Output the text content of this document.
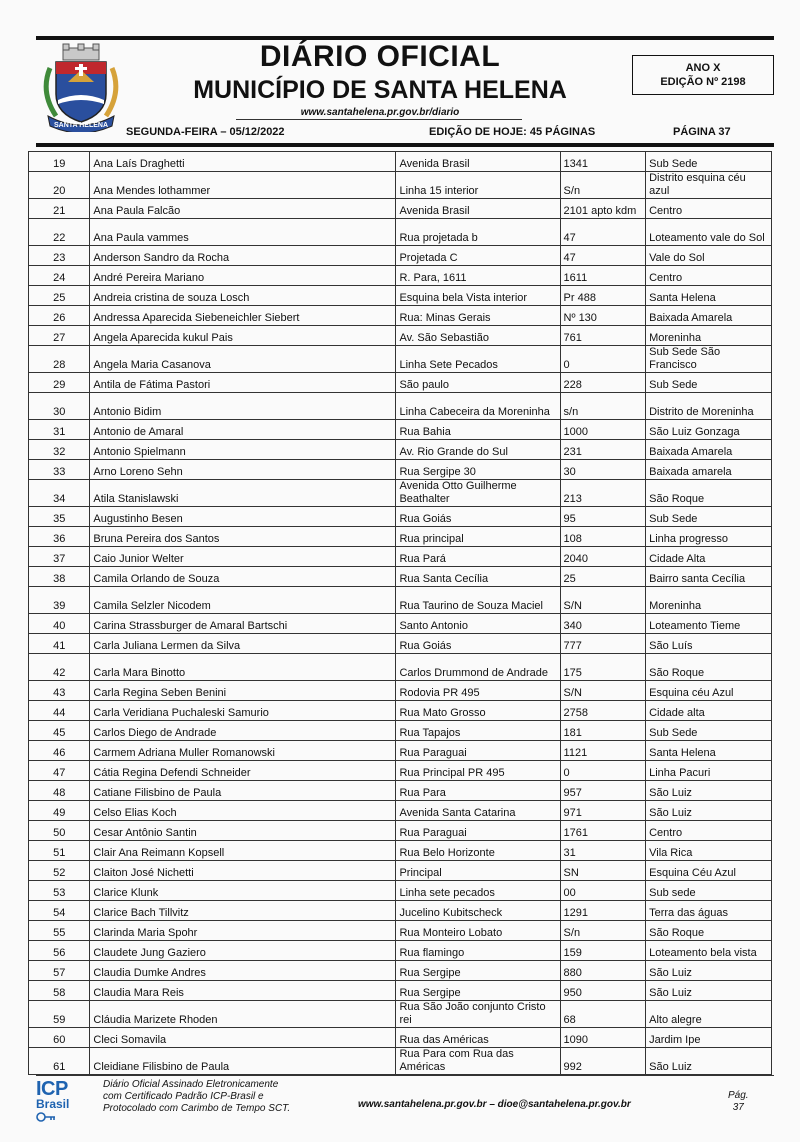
SANTA HELENA
DIÁRIO OFICIAL
MUNICÍPIO DE SANTA HELENA
www.santahelena.pr.gov.br/diario
ANO X
EDIÇÃO Nº 2198
SEGUNDA-FEIRA – 05/12/2022	EDIÇÃO DE HOJE: 45 PÁGINAS	PÁGINA 37
19	Ana Laís Draghetti	Avenida Brasil	1341	Sub Sede
20	Ana Mendes lothammer	Linha 15 interior	S/n	Distrito esquina céu azul
21	Ana Paula Falcão	Avenida Brasil	2101 apto kdm	Centro
22	Ana Paula vammes	Rua projetada b	47	Loteamento vale do Sol
23	Anderson Sandro da Rocha	Projetada C	47	Vale do Sol
24	André Pereira Mariano	R. Para, 1611	1611	Centro
25	Andreia cristina de souza Losch	Esquina bela Vista interior	Pr 488	Santa Helena
26	Andressa Aparecida Siebeneichler Siebert	Rua: Minas Gerais	Nº 130	Baixada Amarela
27	Angela Aparecida kukul Pais	Av. São Sebastião	761	Moreninha
28	Angela Maria Casanova	Linha Sete Pecados	0	Sub Sede São Francisco
29	Antila de Fátima Pastori	São paulo	228	Sub Sede
30	Antonio Bidim	Linha Cabeceira da Moreninha	s/n	Distrito de Moreninha
31	Antonio de Amaral	Rua Bahia	1000	São Luiz Gonzaga
32	Antonio Spielmann	Av. Rio Grande do Sul	231	Baixada Amarela
33	Arno Loreno Sehn	Rua Sergipe 30	30	Baixada amarela
34	Atila Stanislawski	Avenida Otto Guilherme Beathalter	213	São Roque
35	Augustinho Besen	Rua Goiás	95	Sub Sede
36	Bruna Pereira dos Santos	Rua principal	108	Linha progresso
37	Caio Junior Welter	Rua Pará	2040	Cidade Alta
38	Camila Orlando de Souza	Rua Santa Cecília	25	Bairro santa Cecília
39	Camila Selzler Nicodem	Rua Taurino de Souza Maciel	S/N	Moreninha
40	Carina Strassburger de Amaral Bartschi	Santo Antonio	340	Loteamento Tieme
41	Carla Juliana Lermen da Silva	Rua Goiás	777	São Luís
42	Carla Mara Binotto	Carlos Drummond de Andrade	175	São Roque
43	Carla Regina Seben Benini	Rodovia PR 495	S/N	Esquina céu Azul
44	Carla Veridiana Puchaleski Samurio	Rua Mato Grosso	2758	Cidade alta
45	Carlos Diego de Andrade	Rua Tapajos	181	Sub Sede
46	Carmem Adriana Muller Romanowski	Rua Paraguai	1121	Santa Helena
47	Cátia Regina Defendi Schneider	Rua Principal PR 495	0	Linha Pacuri
48	Catiane Filisbino de Paula	Rua Para	957	São Luiz
49	Celso Elias Koch	Avenida Santa Catarina	971	São Luiz
50	Cesar Antônio Santin	Rua Paraguai	1761	Centro
51	Clair Ana Reimann Kopsell	Rua Belo Horizonte	31	Vila Rica
52	Claiton José Nichetti	Principal	SN	Esquina Céu Azul
53	Clarice Klunk	Linha sete pecados	00	Sub sede
54	Clarice Bach Tillvitz	Jucelino Kubitscheck	1291	Terra das águas
55	Clarinda Maria Spohr	Rua Monteiro Lobato	S/n	São Roque
56	Claudete Jung Gaziero	Rua flamingo	159	Loteamento bela vista
57	Claudia Dumke Andres	Rua Sergipe	880	São Luiz
58	Claudia Mara Reis	Rua Sergipe	950	São Luiz
59	Cláudia Marizete Rhoden	Rua São João conjunto Cristo rei	68	Alto alegre
60	Cleci Somavila	Rua das Américas	1090	Jardim Ipe
61	Cleidiane Filisbino de Paula	Rua Para com Rua das Américas	992	São Luiz
ICP
Brasil
Diário Oficial Assinado Eletronicamente
com Certificado Padrão ICP-Brasil e
Protocolado com Carimbo de Tempo SCT.	www.santahelena.pr.gov.br – dioe@santahelena.pr.gov.br
Pág.
37
